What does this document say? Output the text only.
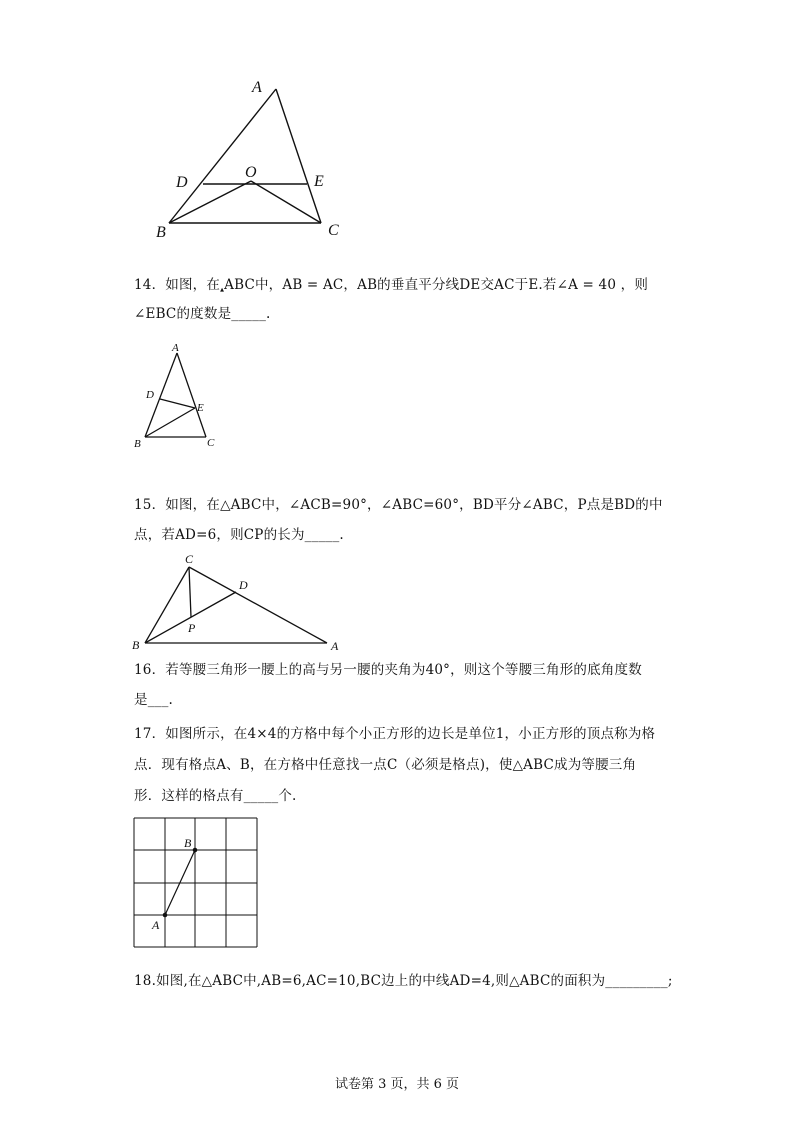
A
D
O
E
B	C
14．如图，在▲ABC中，AB = AC，AB的垂直平分线DE交AC于E.若∠A = 40 ，则
∠EBC的度数是_____.
A
D
E
B	C
15．如图，在△ABC中，∠ACB=90°，∠ABC=60°，BD平分∠ABC，P点是BD的中
点，若AD=6，则CP的长为_____.
C
D
P
B	A
16．若等腰三角形一腰上的高与另一腰的夹角为40°，则这个等腰三角形的底角度数
是___.
17．如图所示，在4×4的方格中每个小正方形的边长是单位1，小正方形的顶点称为格
点．现有格点A、B，在方格中任意找一点C（必须是格点)，使△ABC成为等腰三角
形．这样的格点有_____个.
A
B
18.如图,在△ABC中,AB=6,AC=10,BC边上的中线AD=4,则△ABC的面积为_________;
试卷第 3 页，共 6 页
